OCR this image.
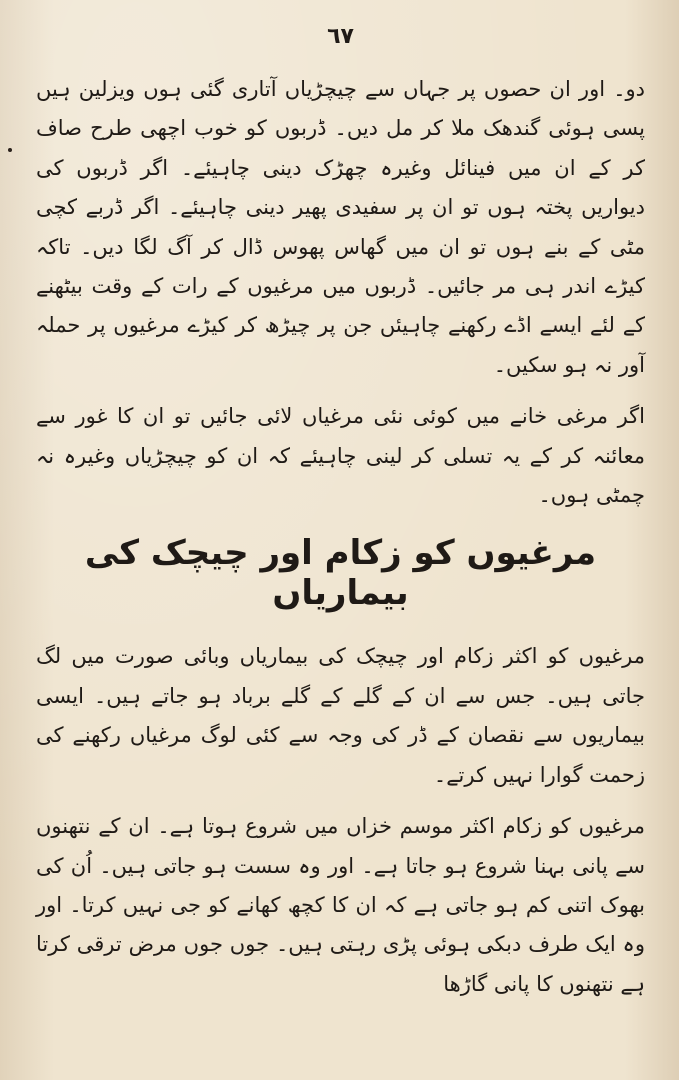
٦٧

دو۔ اور ان حصوں پر جہاں سے چیچڑیاں آتاری گئی ہوں ویزلین ہیں پسی ہوئی گندھک ملا کر مل دیں۔ ڈربوں کو خوب اچھی طرح صاف کر کے ان میں فینائل وغیرہ چھڑک دینی چاہیئے۔ اگر ڈربوں کی دیواریں پختہ ہوں تو ان پر سفیدی پھیر دینی چاہیئے۔ اگر ڈربے کچی مٹی کے بنے ہوں تو ان میں گھاس پھوس ڈال کر آگ لگا دیں۔ تاکہ کیڑے اندر ہی مر جائیں۔ ڈربوں میں مرغیوں کے رات کے وقت بیٹھنے کے لئے ایسے اڈے رکھنے چاہیئں جن پر چیڑھ کر کیڑے مرغیوں پر حملہ آور نہ ہو سکیں۔

اگر مرغی خانے میں کوئی نئی مرغیاں لائی جائیں تو ان کا غور سے معائنہ کر کے یہ تسلی کر لینی چاہیئے کہ ان کو چیچڑیاں وغیرہ نہ چمٹی ہوں۔

مرغیوں کو زکام اور چیچک کی بیماریاں

مرغیوں کو اکثر زکام اور چیچک کی بیماریاں وبائی صورت میں لگ جاتی ہیں۔ جس سے ان کے گلے کے گلے برباد ہو جاتے ہیں۔ ایسی بیماریوں سے نقصان کے ڈر کی وجہ سے کئی لوگ مرغیاں رکھنے کی زحمت گوارا نہیں کرتے۔

مرغیوں کو زکام اکثر موسم خزاں میں شروع ہوتا ہے۔ ان کے نتھنوں سے پانی بہنا شروع ہو جاتا ہے۔ اور وہ سست ہو جاتی ہیں۔ اُن کی بھوک اتنی کم ہو جاتی ہے کہ ان کا کچھ کھانے کو جی نہیں کرتا۔ اور وہ ایک طرف دبکی ہوئی پڑی رہتی ہیں۔ جوں جوں مرض ترقی کرتا ہے نتھنوں کا پانی گاڑھا
